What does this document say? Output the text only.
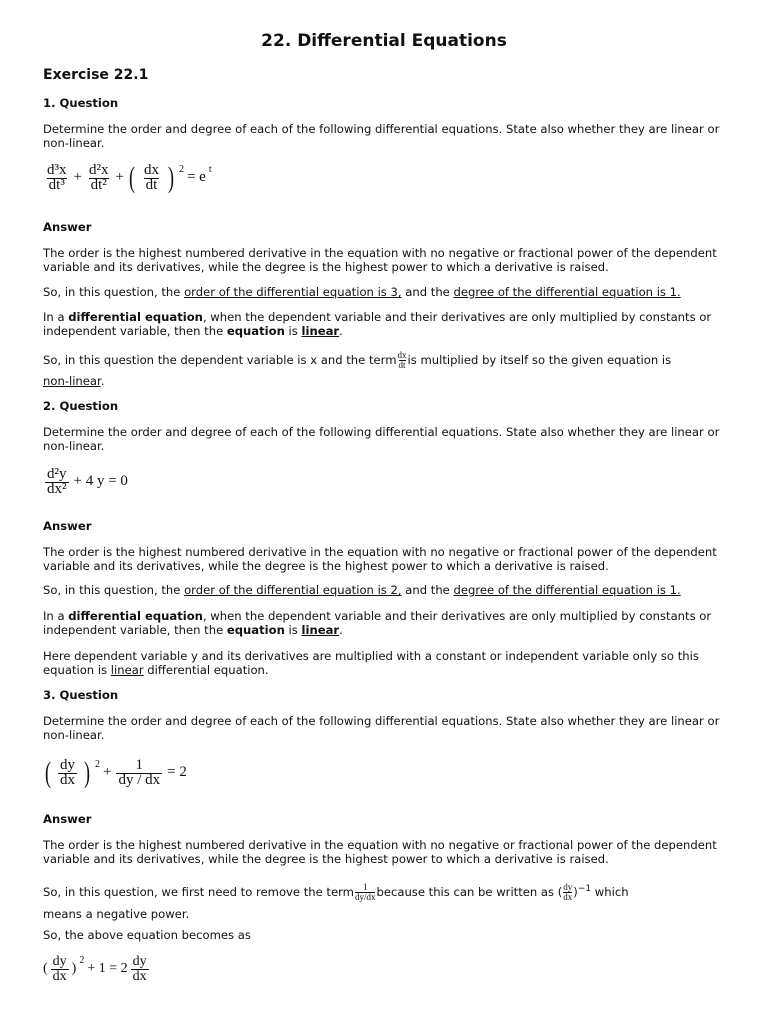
22. Differential Equations
Exercise 22.1
1. Question
Determine the order and degree of each of the following differential equations. State also whether they are linear or non-linear.
$\frac{\text{d³x}}{\text{dt³}} + \frac{\text{d²x}}{\text{dt²}}$ + ( $\frac{dx}{dt}$ ) 2 = e t
Answer
The order is the highest numbered derivative in the equation with no negative or fractional power of the dependent variable and its derivatives, while the degree is the highest power to which a derivative is raised.
So, in this question, the order of the differential equation is 3, and the degree of the differential equation is 1.
In a differential equation, when the dependent variable and their derivatives are only multiplied by constants or independent variable, then the equation is linear.
So, in this question the dependent variable is x and the term $\frac{dx}{dt}$ is multiplied by itself so the given equation is
non-linear.
2. Question
Determine the order and degree of each of the following differential equations. State also whether they are linear or non-linear.
$\frac{\text{d²y}}{\text{dx²}} + 4$ y = 0
Answer
The order is the highest numbered derivative in the equation with no negative or fractional power of the dependent variable and its derivatives, while the degree is the highest power to which a derivative is raised.
So, in this question, the order of the differential equation is 2, and the degree of the differential equation is 1.
In a differential equation, when the dependent variable and their derivatives are only multiplied by constants or independent variable, then the equation is linear.
Here dependent variable y and its derivatives are multiplied with a constant or independent variable only so this equation is linear differential equation.
3. Question
Determine the order and degree of each of the following differential equations. State also whether they are linear or non-linear.
( $\frac{dy}{dx}$ ) $2 + \frac{1}{dy / dx} = 2$
Answer
The order is the highest numbered derivative in the equation with no negative or fractional power of the dependent variable and its derivatives, while the degree is the highest power to which a derivative is raised.
So, in this question, we first need to remove the term $\frac{1}{dy/dx}$ because this can be written as ( $\frac{dy}{dx} )^{-1}$ which
means a negative power.
So, the above equation becomes as
( $\frac{dy}{dx}$ )
2
+ $1 = 2 \frac{dy}{dx}$
